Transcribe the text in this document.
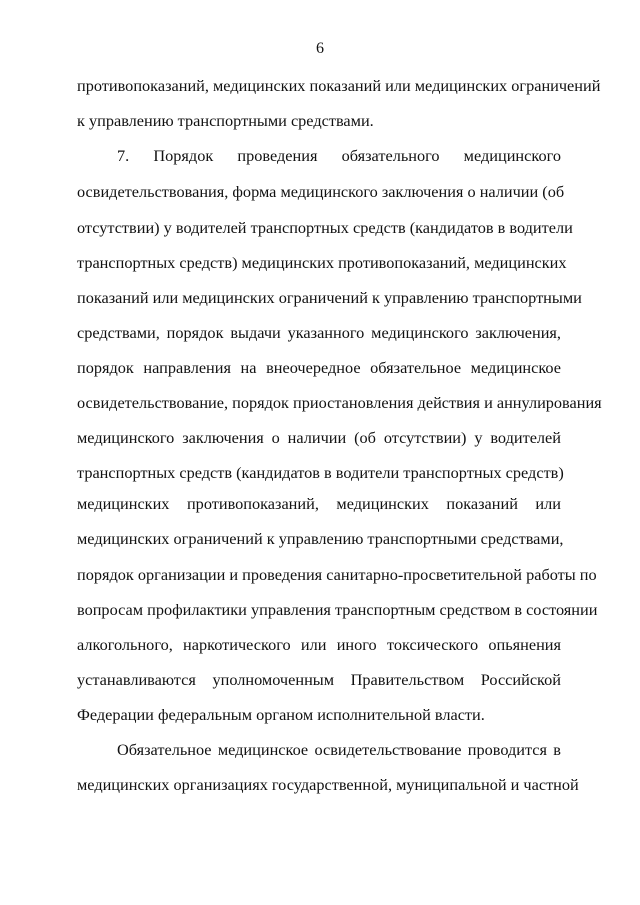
6
противопоказаний, медицинских показаний или медицинских ограничений
к управлению транспортными средствами.
7. Порядок проведения обязательного медицинского
освидетельствования, форма медицинского заключения о наличии (об
отсутствии) у водителей транспортных средств (кандидатов в водители
транспортных средств) медицинских противопоказаний, медицинских
показаний или медицинских ограничений к управлению транспортными
средствами, порядок выдачи указанного медицинского заключения,
порядок направления на внеочередное обязательное медицинское
освидетельствование, порядок приостановления действия и аннулирования
медицинского заключения о наличии (об отсутствии) у водителей
транспортных средств (кандидатов в водители транспортных средств)
медицинских противопоказаний, медицинских показаний или
медицинских ограничений к управлению транспортными средствами,
порядок организации и проведения санитарно-просветительной работы по
вопросам профилактики управления транспортным средством в состоянии
алкогольного, наркотического или иного токсического опьянения
устанавливаются уполномоченным Правительством Российской
Федерации федеральным органом исполнительной власти.
Обязательное медицинское освидетельствование проводится в
медицинских организациях государственной, муниципальной и частной
